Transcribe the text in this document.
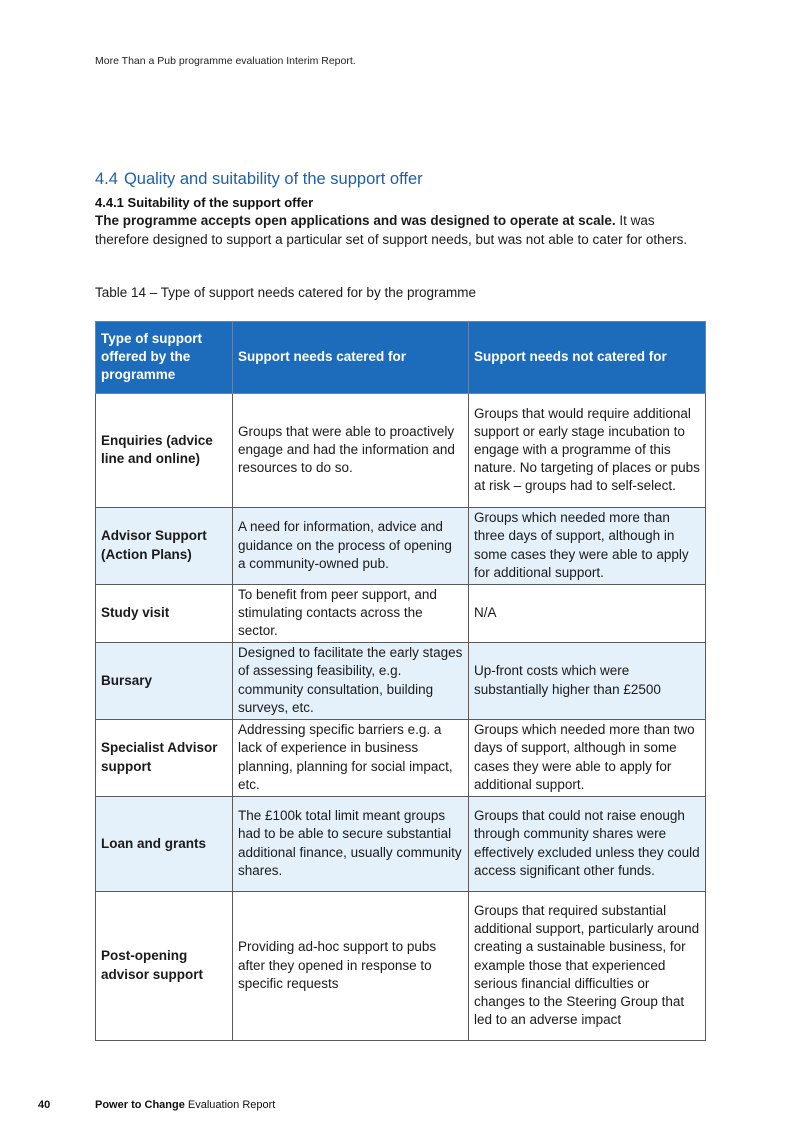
More Than a Pub programme evaluation Interim Report.
4.4 Quality and suitability of the support offer
4.4.1 Suitability of the support offer

The programme accepts open applications and was designed to operate at scale. It was therefore designed to support a particular set of support needs, but was not able to cater for others.

Table 14 – Type of support needs catered for by the programme
Type of support offered by the programme	Support needs catered for	Support needs not catered for
Enquiries (advice line and online)	Groups that were able to proactively engage and had the information and resources to do so.	Groups that would require additional support or early stage incubation to engage with a programme of this nature. No targeting of places or pubs at risk – groups had to self-select.
Advisor Support (Action Plans)	A need for information, advice and guidance on the process of opening a community-owned pub.	Groups which needed more than three days of support, although in some cases they were able to apply for additional support.
Study visit	To benefit from peer support, and stimulating contacts across the sector.	N/A
Bursary	Designed to facilitate the early stages of assessing feasibility, e.g. community consultation, building surveys, etc.	Up-front costs which were substantially higher than £2500
Specialist Advisor support	Addressing specific barriers e.g. a lack of experience in business planning, planning for social impact, etc.	Groups which needed more than two days of support, although in some cases they were able to apply for additional support.
Loan and grants	The £100k total limit meant groups had to be able to secure substantial additional finance, usually community shares.	Groups that could not raise enough through community shares were effectively excluded unless they could access significant other funds.
Post-opening advisor support	Providing ad-hoc support to pubs after they opened in response to specific requests	Groups that required substantial additional support, particularly around creating a sustainable business, for example those that experienced serious financial difficulties or changes to the Steering Group that led to an adverse impact
40	Power to Change Evaluation Report
